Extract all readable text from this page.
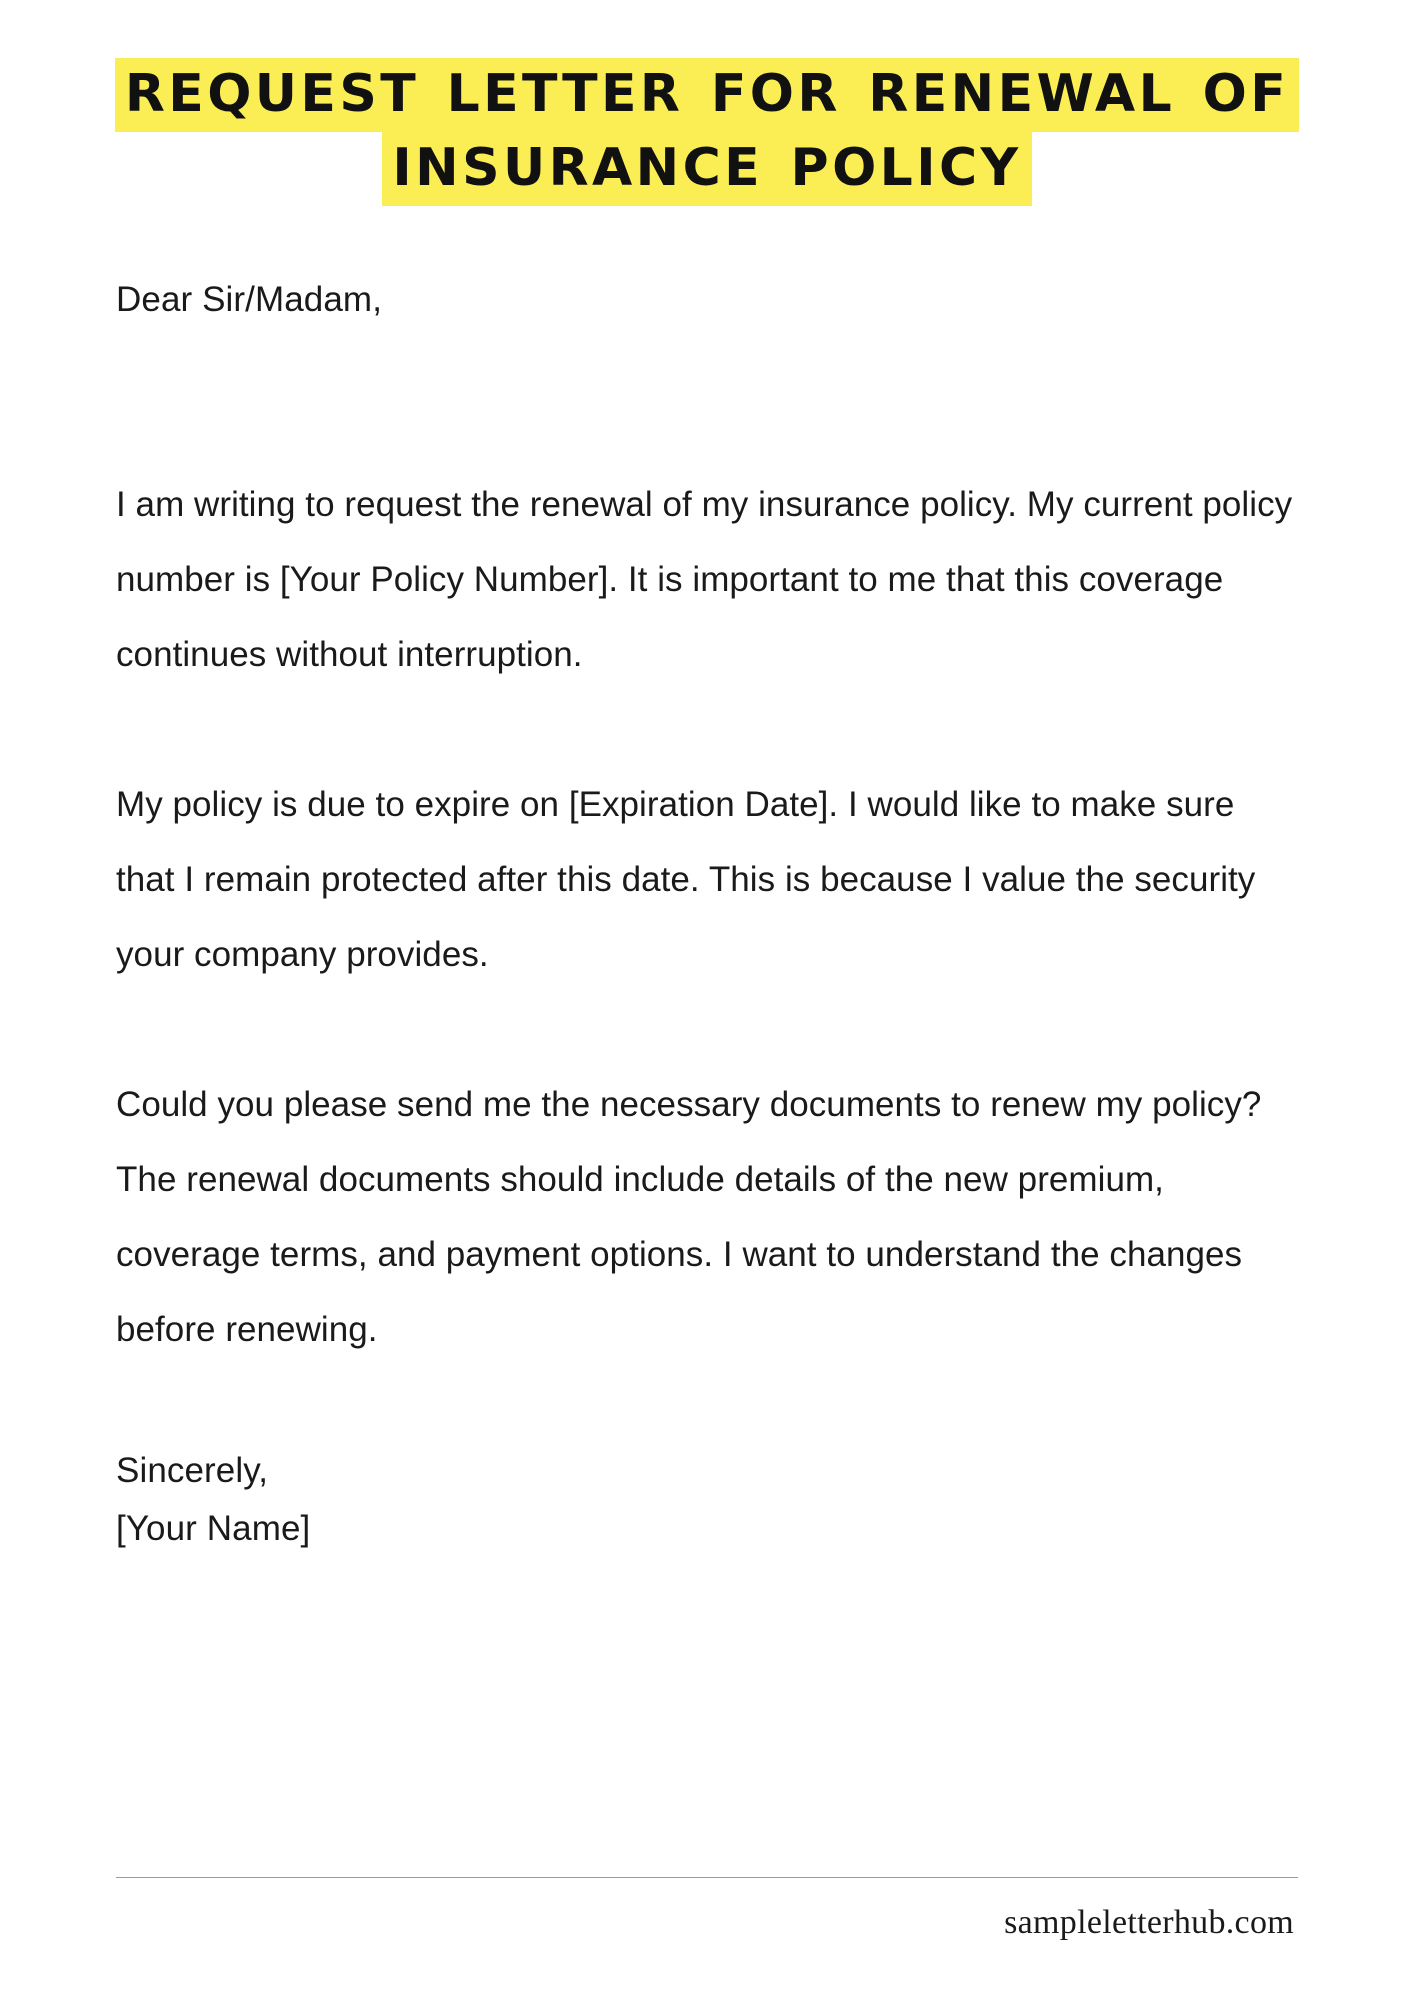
REQUEST LETTER FOR RENEWAL OF
INSURANCE POLICY

Dear Sir/Madam,

I am writing to request the renewal of my insurance policy. My current policy number is [Your Policy Number]. It is important to me that this coverage continues without interruption.

My policy is due to expire on [Expiration Date]. I would like to make sure that I remain protected after this date. This is because I value the security your company provides.

Could you please send me the necessary documents to renew my policy? The renewal documents should include details of the new premium, coverage terms, and payment options. I want to understand the changes before renewing.

Sincerely,

[Your Name]

sampleletterhub.com
